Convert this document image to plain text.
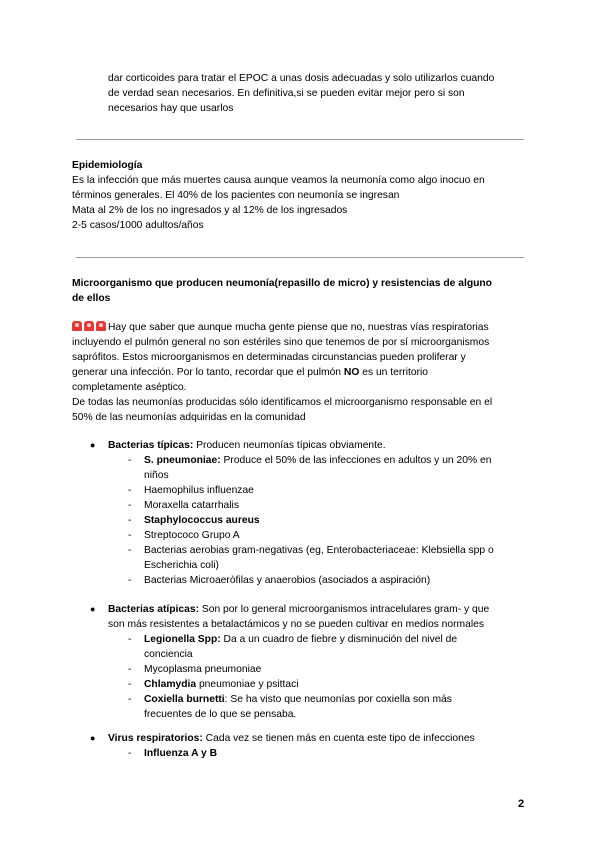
dar corticoides para tratar el EPOC a unas dosis adecuadas y solo utilizarlos cuando
de verdad sean necesarios. En definitiva,si se pueden evitar mejor pero si son
necesarios hay que usarlos
Epidemiología
Es la infección que más muertes causa aunque veamos la neumonía como algo inocuo en
términos generales. El 40% de los pacientes con neumonía se ingresan
Mata al 2% de los no ingresados y al 12% de los ingresados
2-5 casos/1000 adultos/años
Microorganismo que producen neumonía(repasillo de micro) y resistencias de alguno
de ellos
Hay que saber que aunque mucha gente piense que no, nuestras vías respiratorias
incluyendo el pulmón general no son estériles sino que tenemos de por sí microorganismos
saprófitos. Estos microorganismos en determinadas circunstancias pueden proliferar y
generar una infección. Por lo tanto, recordar que el pulmón NO es un territorio
completamente aséptico.
De todas las neumonías producidas sólo identificamos el microorganismo responsable en el
50% de las neumonías adquiridas en la comunidad
●	Bacterias típicas: Producen neumonías típicas obviamente.
-	S. pneumoniae: Produce el 50% de las infecciones en adultos y un 20% en
niños
-	Haemophilus influenzae
-	Moraxella catarrhalis
-	Staphylococcus aureus
-	Streptococo Grupo A
-	Bacterias aerobias gram-negativas (eg, Enterobacteriaceae: Klebsiella spp o
Escherichia coli)
-	Bacterias Microaeròfilas y anaerobios (asociados a aspiración)
●	Bacterias atípicas: Son por lo general microorganismos intracelulares gram- y que
son más resistentes a betalactámicos y no se pueden cultivar en medios normales
-	Legionella Spp: Da a un cuadro de fiebre y disminución del nivel de
conciencia
-	Mycoplasma pneumoniae
-	Chlamydia pneumoniae y psittaci
-	Coxiella burnetti: Se ha visto que neumonías por coxiella son más
frecuentes de lo que se pensaba.
●	Virus respiratorios: Cada vez se tienen más en cuenta este tipo de infecciones
-	Influenza A y B
2
